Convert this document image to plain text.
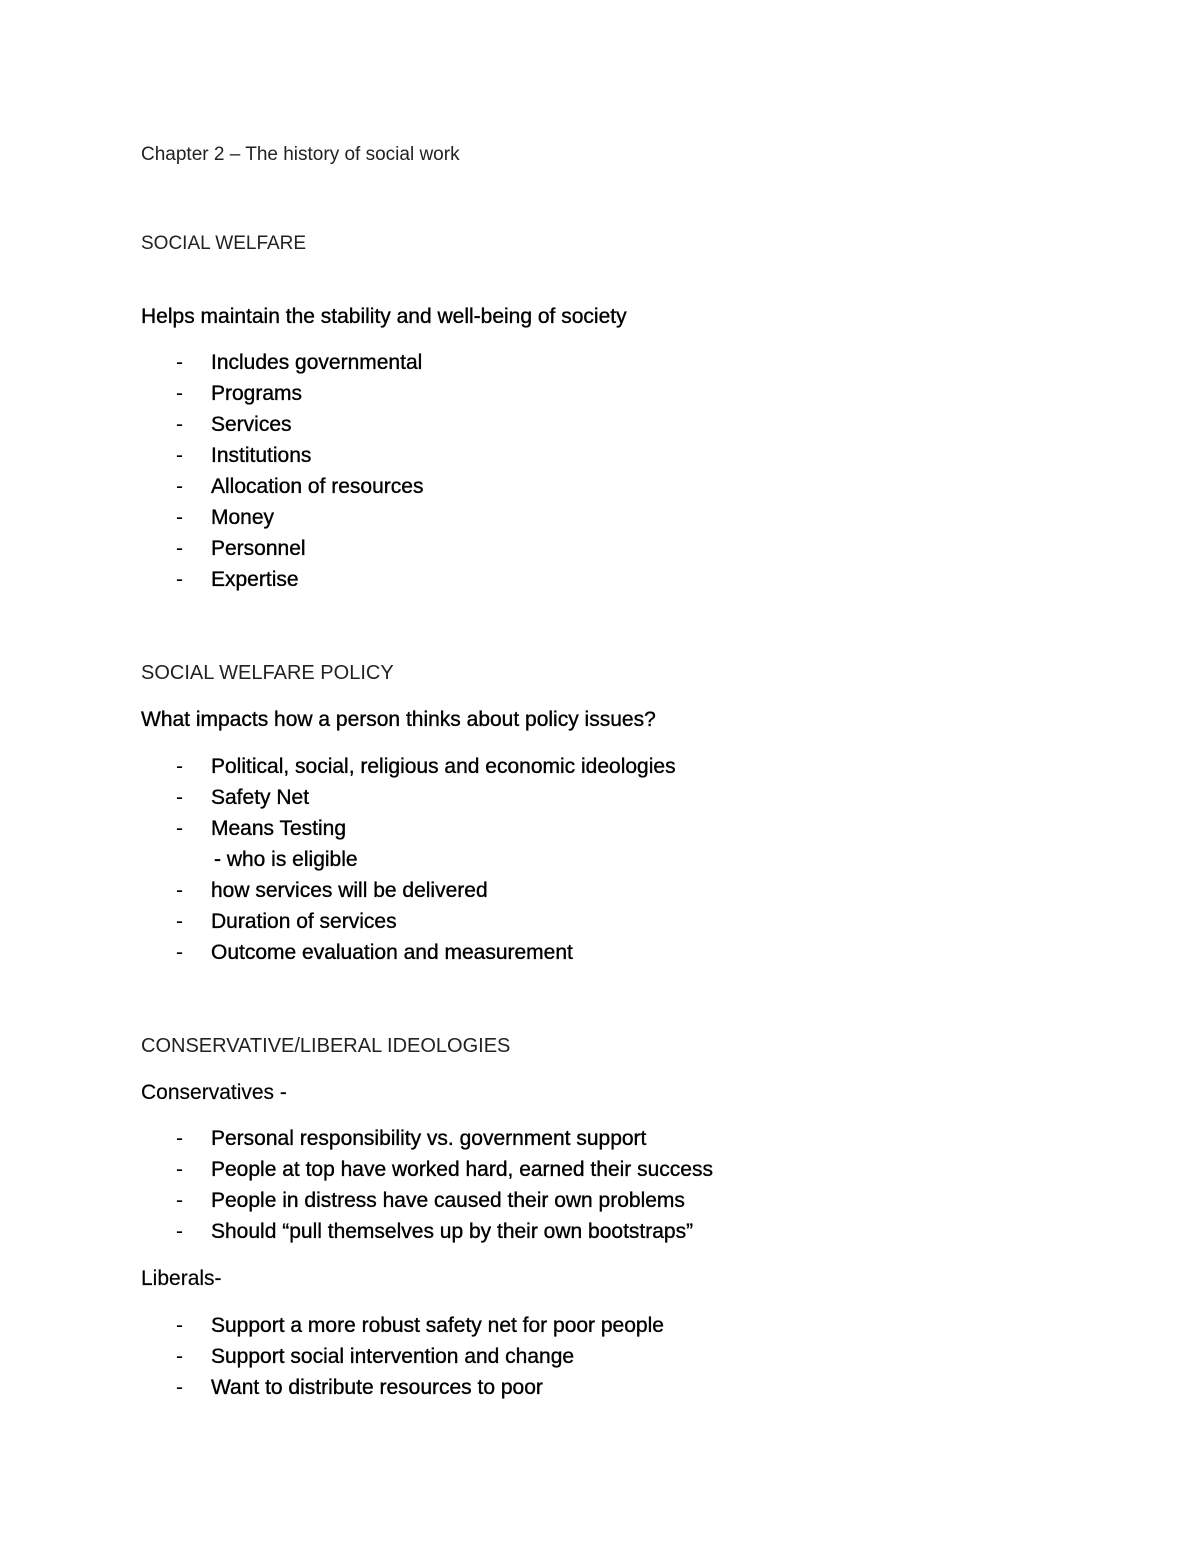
Chapter 2 – The history of social work
SOCIAL WELFARE
Helps maintain the stability and well-being of society
- Includes governmental
- Programs
- Services
- Institutions
- Allocation of resources
- Money
- Personnel
- Expertise
SOCIAL WELFARE POLICY
What impacts how a person thinks about policy issues?
- Political, social, religious and economic ideologies
- Safety Net
- Means Testing
- who is eligible
- how services will be delivered
- Duration of services
- Outcome evaluation and measurement
CONSERVATIVE/LIBERAL IDEOLOGIES
Conservatives -
- Personal responsibility vs. government support
- People at top have worked hard, earned their success
- People in distress have caused their own problems
- Should “pull themselves up by their own bootstraps”
Liberals-
- Support a more robust safety net for poor people
- Support social intervention and change
- Want to distribute resources to poor
